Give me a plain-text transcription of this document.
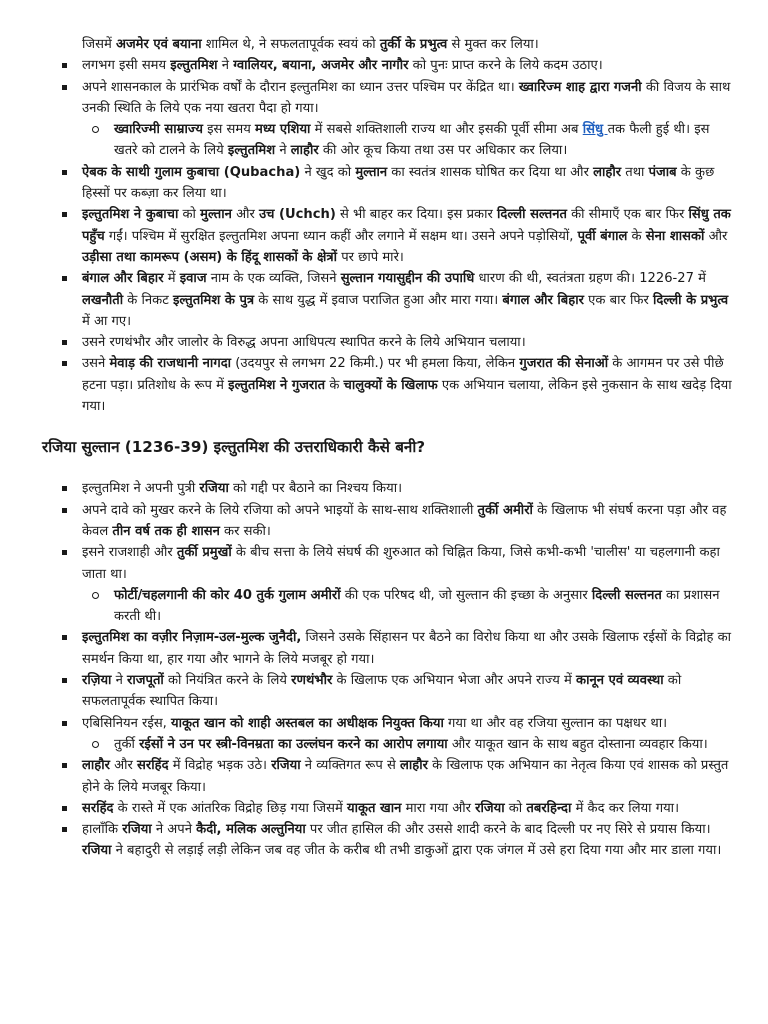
जिसमें अजमेर एवं बयाना शामिल थे, ने सफलतापूर्वक स्वयं को तुर्की के प्रभुत्व से मुक्त कर लिया।
लगभग इसी समय इल्तुतमिश ने ग्वालियर, बयाना, अजमेर और नागौर को पुनः प्राप्त करने के लिये कदम उठाए।
अपने शासनकाल के प्रारंभिक वर्षों के दौरान इल्तुतमिश का ध्यान उत्तर पश्चिम पर केंद्रित था। ख्वारिज्म शाह द्वारा गजनी की विजय के साथ उनकी स्थिति के लिये एक नया खतरा पैदा हो गया।
ख्वारिज्मी साम्राज्य इस समय मध्य एशिया में सबसे शक्तिशाली राज्य था और इसकी पूर्वी सीमा अब सिंधु तक फैली हुई थी। इस खतरे को टालने के लिये इल्तुतमिश ने लाहौर की ओर कूच किया तथा उस पर अधिकार कर लिया।
ऐबक के साथी गुलाम कुबाचा (Qubacha) ने खुद को मुल्तान का स्वतंत्र शासक घोषित कर दिया था और लाहौर तथा पंजाब के कुछ हिस्सों पर कब्ज़ा कर लिया था।
इल्तुतमिश ने कुबाचा को मुल्तान और उच (Uchch) से भी बाहर कर दिया। इस प्रकार दिल्ली सल्तनत की सीमाएँ एक बार फिर सिंधु तक पहुँच गईं। पश्चिम में सुरक्षित इल्तुतमिश अपना ध्यान कहीं और लगाने में सक्षम था। उसने अपने पड़ोसियों, पूर्वी बंगाल के सेना शासकों और उड़ीसा तथा कामरूप (असम) के हिंदू शासकों के क्षेत्रों पर छापे मारे।
बंगाल और बिहार में इवाज नाम के एक व्यक्ति, जिसने सुल्तान गयासुद्दीन की उपाधि धारण की थी, स्वतंत्रता ग्रहण की। 1226-27 में लखनौती के निकट इल्तुतमिश के पुत्र के साथ युद्ध में इवाज पराजित हुआ और मारा गया। बंगाल और बिहार एक बार फिर दिल्ली के प्रभुत्व में आ गए।
उसने रणथंभौर और जालोर के विरुद्ध अपना आधिपत्य स्थापित करने के लिये अभियान चलाया।
उसने मेवाड़ की राजधानी नागदा (उदयपुर से लगभग 22 किमी.) पर भी हमला किया, लेकिन गुजरात की सेनाओं के आगमन पर उसे पीछे हटना पड़ा। प्रतिशोध के रूप में इल्तुतमिश ने गुजरात के चालुक्यों के खिलाफ एक अभियान चलाया, लेकिन इसे नुकसान के साथ खदेड़ दिया गया।
रजिया सुल्तान (1236-39) इल्तुतमिश की उत्तराधिकारी कैसे बनी?
इल्तुतमिश ने अपनी पुत्री रजिया को गद्दी पर बैठाने का निश्चय किया।
अपने दावे को मुखर करने के लिये रजिया को अपने भाइयों के साथ-साथ शक्तिशाली तुर्की अमीरों के खिलाफ भी संघर्ष करना पड़ा और वह केवल तीन वर्ष तक ही शासन कर सकी।
इसने राजशाही और तुर्की प्रमुखों के बीच सत्ता के लिये संघर्ष की शुरुआत को चिह्नित किया, जिसे कभी-कभी 'चालीस' या चहलगानी कहा जाता था।
फोर्टी/चहलगानी की कोर 40 तुर्क गुलाम अमीरों की एक परिषद थी, जो सुल्तान की इच्छा के अनुसार दिल्ली सल्तनत का प्रशासन करती थी।
इल्तुतमिश का वज़ीर निज़ाम-उल-मुल्क जुनैदी, जिसने उसके सिंहासन पर बैठने का विरोध किया था और उसके खिलाफ रईसों के विद्रोह का समर्थन किया था, हार गया और भागने के लिये मजबूर हो गया।
रज़िया ने राजपूतों को नियंत्रित करने के लिये रणथंभौर के खिलाफ एक अभियान भेजा और अपने राज्य में कानून एवं व्यवस्था को सफलतापूर्वक स्थापित किया।
एबिसिनियन रईस, याकूत खान को शाही अस्तबल का अधीक्षक नियुक्त किया गया था और वह रजिया सुल्तान का पक्षधर था।
तुर्की रईसों ने उन पर स्त्री-विनम्रता का उल्लंघन करने का आरोप लगाया और याकूत खान के साथ बहुत दोस्ताना व्यवहार किया।
लाहौर और सरहिंद में विद्रोह भड़क उठे। रजिया ने व्यक्तिगत रूप से लाहौर के खिलाफ एक अभियान का नेतृत्व किया एवं शासक को प्रस्तुत होने के लिये मजबूर किया।
सरहिंद के रास्ते में एक आंतरिक विद्रोह छिड़ गया जिसमें याकूत खान मारा गया और रजिया को तबरहिन्दा में कैद कर लिया गया।
हालाँकि रजिया ने अपने कैदी, मलिक अल्तुनिया पर जीत हासिल की और उससे शादी करने के बाद दिल्ली पर नए सिरे से प्रयास किया। रजिया ने बहादुरी से लड़ाई लड़ी लेकिन जब वह जीत के करीब थी तभी डाकुओं द्वारा एक जंगल में उसे हरा दिया गया और मार डाला गया।
